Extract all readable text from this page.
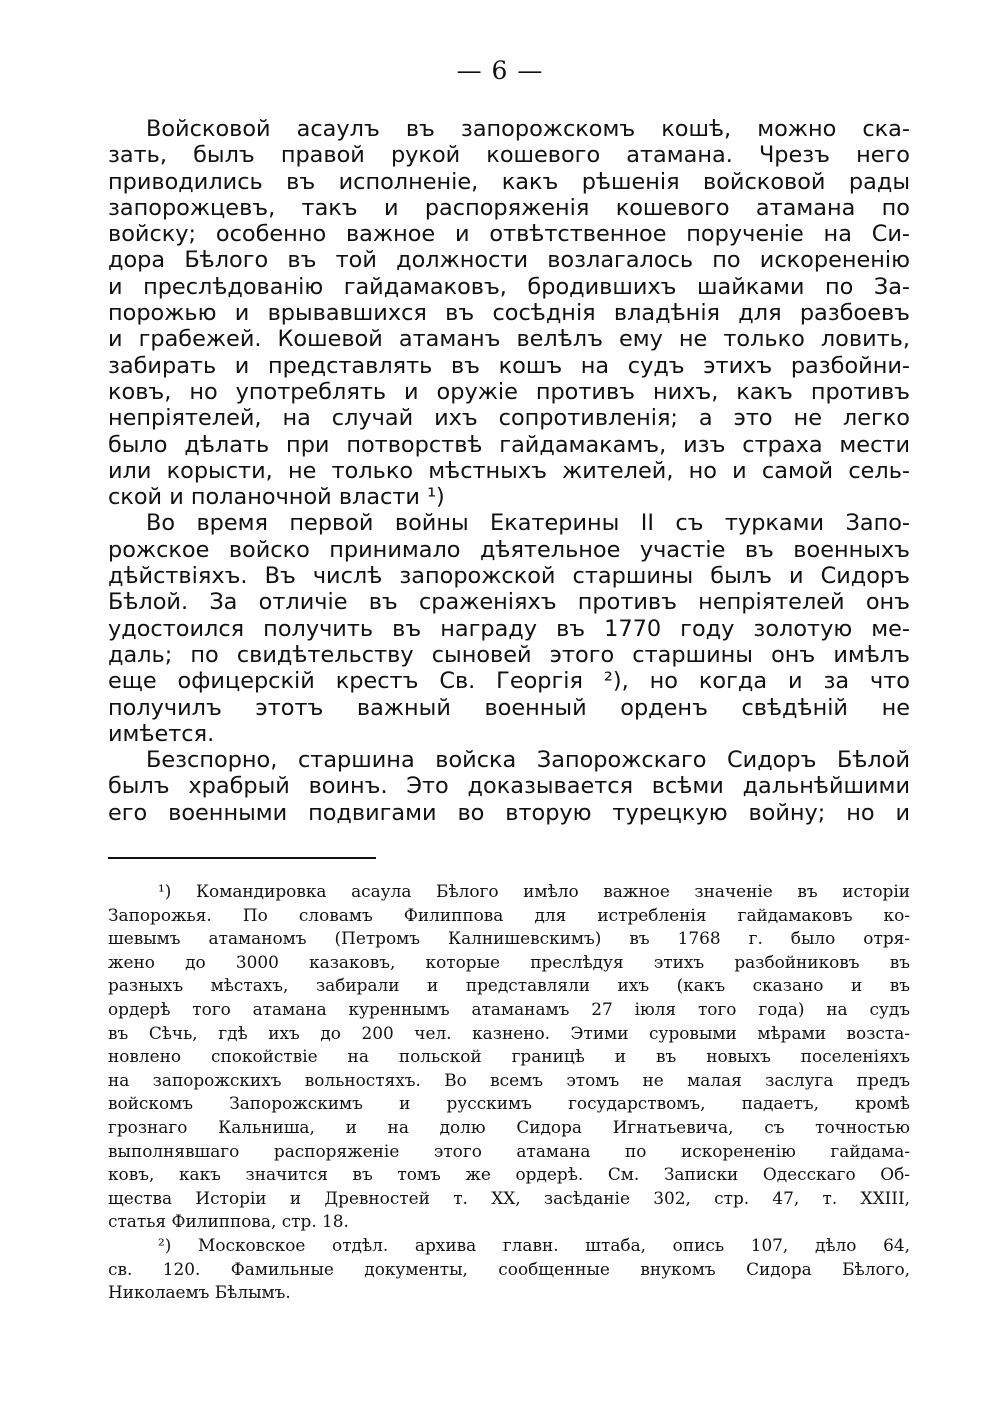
— 6 —
Войсковой асаулъ въ запорожскомъ кошѣ, можно ска-
зать, былъ правой рукой кошевого атамана. Чрезъ него
приводились въ исполненіе, какъ рѣшенія войсковой рады
запорожцевъ, такъ и распоряженія кошевого атамана по
войску; особенно важное и отвѣтственное порученіе на Си-
дора Бѣлого въ той должности возлагалось по искорененію
и преслѣдованію гайдамаковъ, бродившихъ шайками по За-
порожью и врывавшихся въ сосѣднія владѣнія для разбоевъ
и грабежей. Кошевой атаманъ велѣлъ ему не только ловить,
забирать и представлять въ кошъ на судъ этихъ разбойни-
ковъ, но употреблять и оружіе противъ нихъ, какъ противъ
непріятелей, на случай ихъ сопротивленія; а это не легко
было дѣлать при потворствѣ гайдамакамъ, изъ страха мести
или корысти, не только мѣстныхъ жителей, но и самой сель-
ской и поланочной власти ¹)
Во время первой войны Екатерины II съ турками Запо-
рожское войско принимало дѣятельное участіе въ военныхъ
дѣйствіяхъ. Въ числѣ запорожской старшины былъ и Сидоръ
Бѣлой. За отличіе въ сраженіяхъ противъ непріятелей онъ
удостоился получить въ награду въ 1770 году золотую ме-
даль; по свидѣтельству сыновей этого старшины онъ имѣлъ
еще офицерскій крестъ Св. Георгія ²), но когда и за что
получилъ этотъ важный военный орденъ свѣдѣній не
имѣется.
Безспорно, старшина войска Запорожскаго Сидоръ Бѣлой
былъ храбрый воинъ. Это доказывается всѣми дальнѣйшими
его военными подвигами во вторую турецкую войну; но и
¹) Командировка асаула Бѣлого имѣло важное значеніе въ исторіи
Запорожья. По словамъ Филиппова для истребленія гайдамаковъ ко-
шевымъ атаманомъ (Петромъ Калнишевскимъ) въ 1768 г. было отря-
жено до 3000 казаковъ, которые преслѣдуя этихъ разбойниковъ въ
разныхъ мѣстахъ, забирали и представляли ихъ (какъ сказано и въ
ордерѣ того атамана куреннымъ атаманамъ 27 іюля того года) на судъ
въ Сѣчь, гдѣ ихъ до 200 чел. казнено. Этими суровыми мѣрами возста-
новлено спокойствіе на польской границѣ и въ новыхъ поселеніяхъ
на запорожскихъ вольностяхъ. Во всемъ этомъ не малая заслуга предъ
войскомъ Запорожскимъ и русскимъ государствомъ, падаетъ, кромѣ
грознаго Кальниша, и на долю Сидора Игнатьевича, съ точностью
выполнявшаго распоряженіе этого атамана по искорененію гайдама-
ковъ, какъ значится въ томъ же ордерѣ. См. Записки Одесскаго Об-
щества Исторіи и Древностей т. XX, засѣданіе 302, стр. 47, т. XXIII,
статья Филиппова, стр. 18.
²) Московское отдѣл. архива главн. штаба, опись 107, дѣло 64,
св. 120. Фамильные документы, сообщенные внукомъ Сидора Бѣлого,
Николаемъ Бѣлымъ.
